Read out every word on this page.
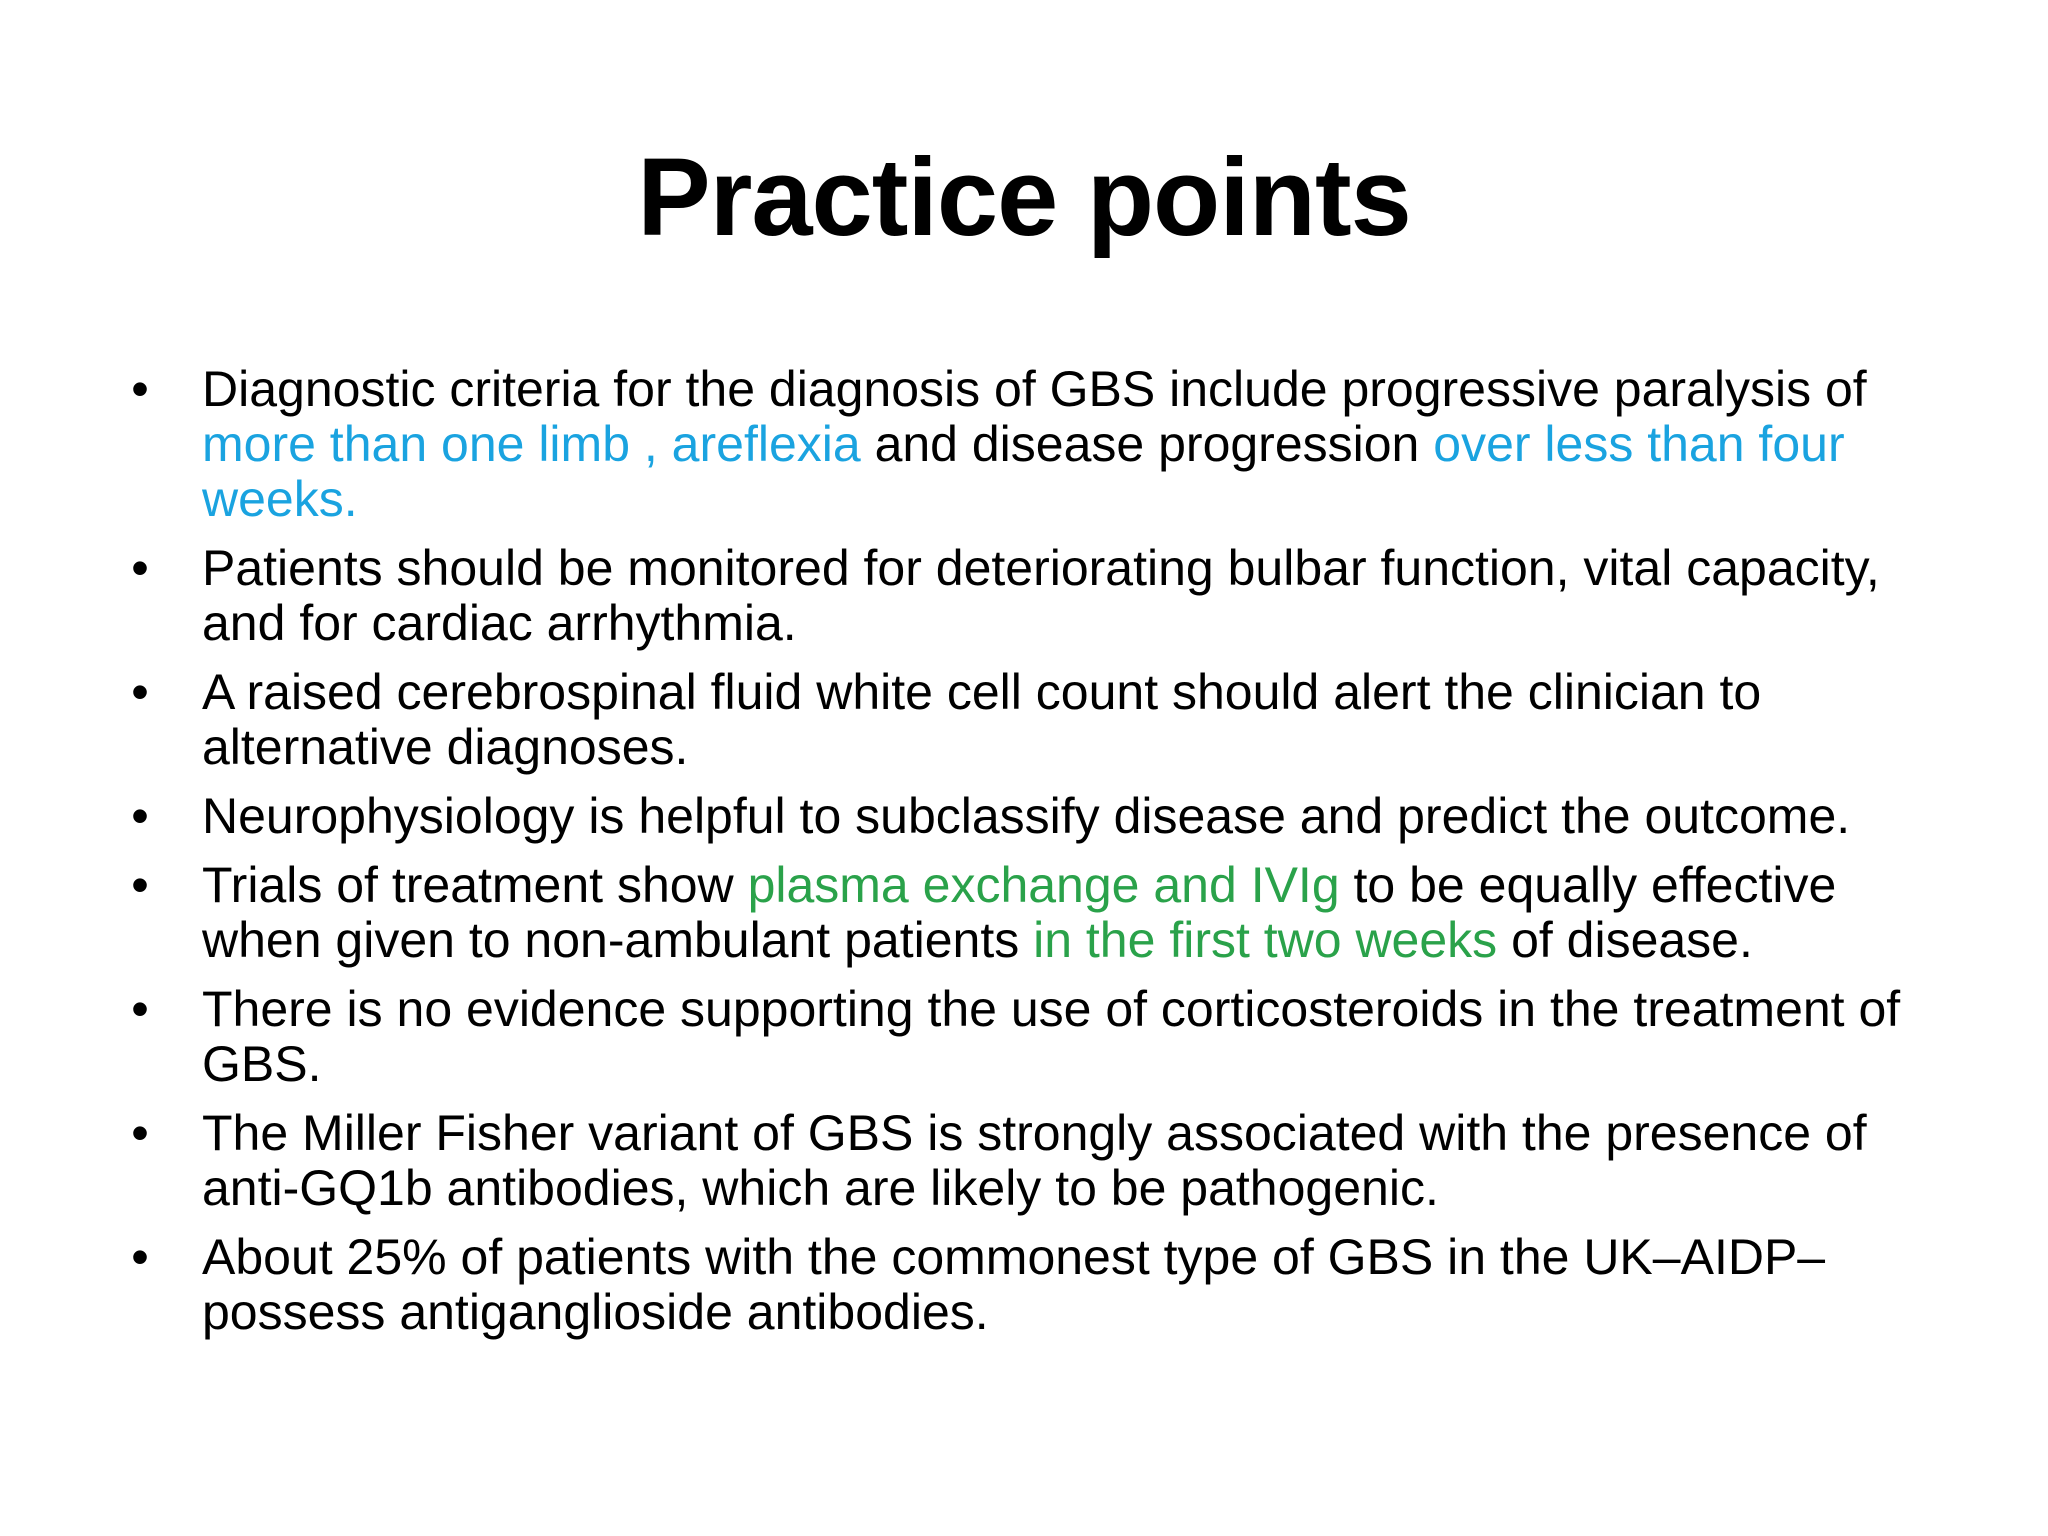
Practice points
• Diagnostic criteria for the diagnosis of GBS include progressive paralysis of more than one limb , areflexia and disease progression over less than four weeks.
• Patients should be monitored for deteriorating bulbar function, vital capacity, and for cardiac arrhythmia.
• A raised cerebrospinal fluid white cell count should alert the clinician to alternative diagnoses.
• Neurophysiology is helpful to subclassify disease and predict the outcome.
• Trials of treatment show plasma exchange and IVIg to be equally effective when given to non-ambulant patients in the first two weeks of disease.
• There is no evidence supporting the use of corticosteroids in the treatment of GBS.
• The Miller Fisher variant of GBS is strongly associated with the presence of anti-GQ1b antibodies, which are likely to be pathogenic.
• About 25% of patients with the commonest type of GBS in the UK–AIDP– possess antiganglioside antibodies.
